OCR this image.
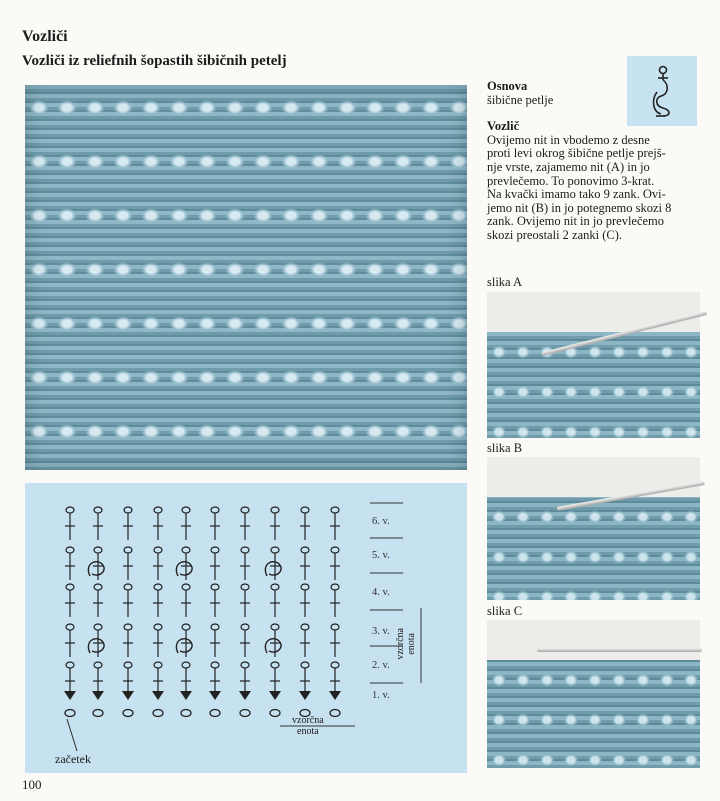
Vozliči
Vozliči iz reliefnih šopastih šibičnih petelj

Osnova

šibične petlje

Vozlič

Ovijemo nit in vbodemo z desne

proti levi okrog šibične petlje prejš-

nje vrste, zajamemo nit (A) in jo

prevlečemo. To ponovimo 3-krat.

Na kvački imamo tako 9 zank. Ovi-

jemo nit (B) in jo potegnemo skozi 8

zank. Ovijemo nit in jo prevlečemo

skozi preostali 2 zanki (C).

6. v.
5. v.
4. v.
3. v.
2. v.
1. v.
vzorčna
enota
vzorčna
enota
začetek
slika A
slika B
slika C
100
